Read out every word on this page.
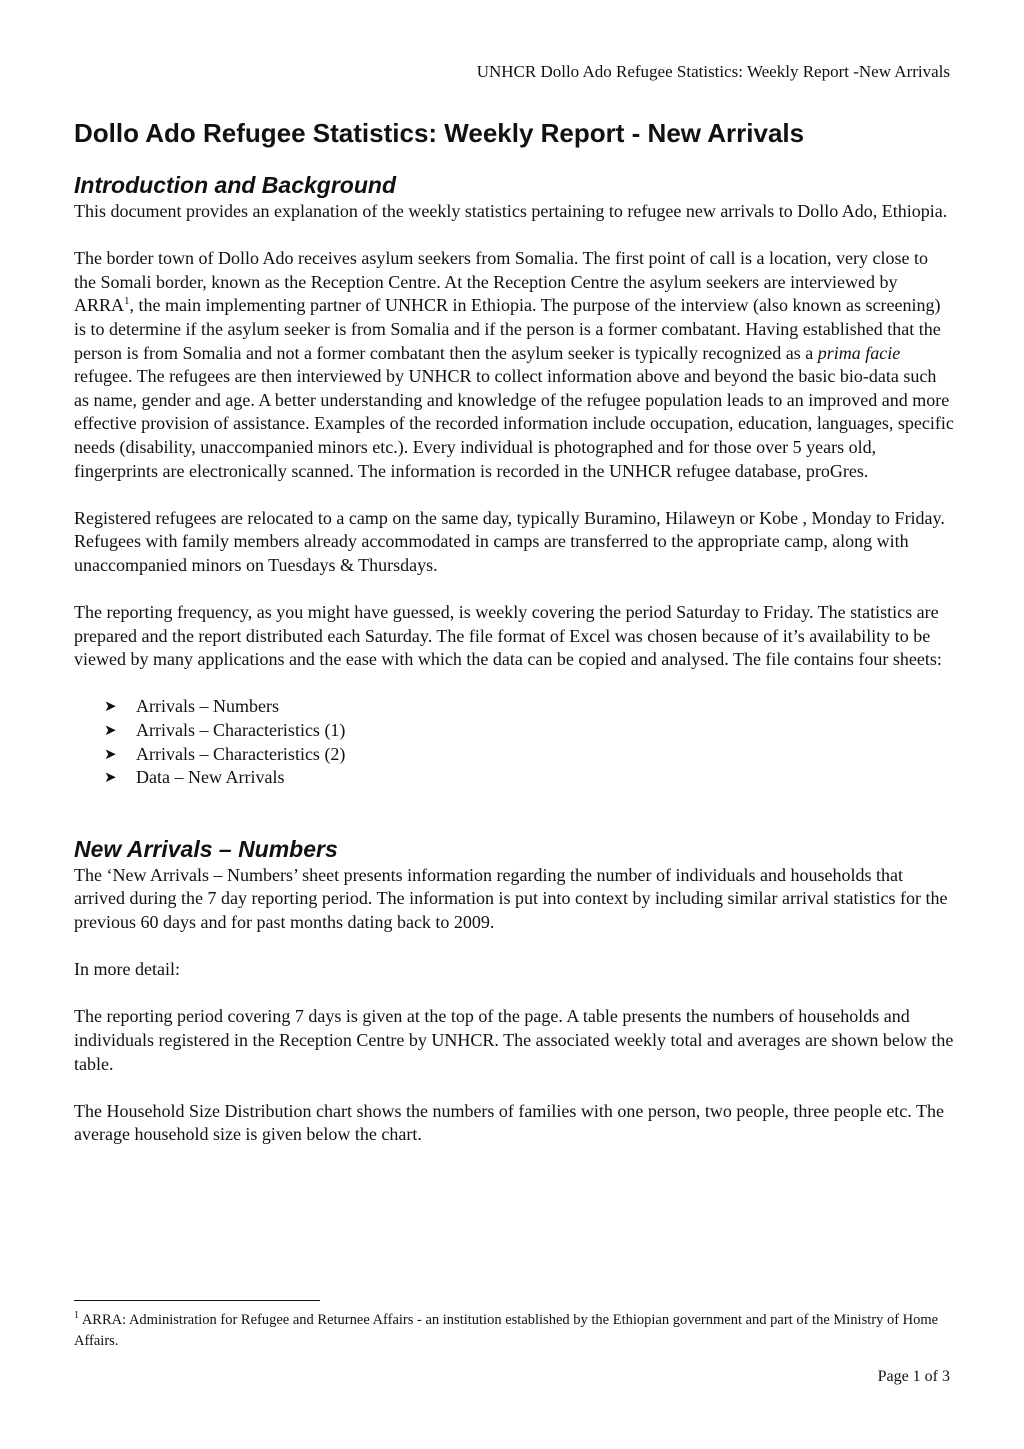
UNHCR Dollo Ado Refugee Statistics: Weekly Report -New Arrivals
Dollo Ado Refugee Statistics: Weekly Report - New Arrivals
Introduction and Background

This document provides an explanation of the weekly statistics pertaining to refugee new arrivals to Dollo Ado, Ethiopia.

The border town of Dollo Ado receives asylum seekers from Somalia. The first point of call is a location, very close to the Somali border, known as the Reception Centre. At the Reception Centre the asylum seekers are interviewed by ARRA$^1$, the main implementing partner of UNHCR in Ethiopia. The purpose of the interview (also known as screening) is to determine if the asylum seeker is from Somalia and if the person is a former combatant. Having established that the person is from Somalia and not a former combatant then the asylum seeker is typically recognized as a prima facie refugee. The refugees are then interviewed by UNHCR to collect information above and beyond the basic bio-data such as name, gender and age. A better understanding and knowledge of the refugee population leads to an improved and more effective provision of assistance. Examples of the recorded information include occupation, education, languages, specific needs (disability, unaccompanied minors etc.). Every individual is photographed and for those over 5 years old, fingerprints are electronically scanned. The information is recorded in the UNHCR refugee database, proGres.

Registered refugees are relocated to a camp on the same day, typically Buramino, Hilaweyn or Kobe , Monday to Friday. Refugees with family members already accommodated in camps are transferred to the appropriate camp, along with unaccompanied minors on Tuesdays & Thursdays.

The reporting frequency, as you might have guessed, is weekly covering the period Saturday to Friday. The statistics are prepared and the report distributed each Saturday. The file format of Excel was chosen because of it’s availability to be viewed by many applications and the ease with which the data can be copied and analysed. The file contains four sheets:

➤	Arrivals – Numbers
➤	Arrivals – Characteristics (1)
➤	Arrivals – Characteristics (2)
➤	Data – New Arrivals
New Arrivals – Numbers

The ‘New Arrivals – Numbers’ sheet presents information regarding the number of individuals and households that arrived during the 7 day reporting period. The information is put into context by including similar arrival statistics for the previous 60 days and for past months dating back to 2009.

In more detail:

The reporting period covering 7 days is given at the top of the page. A table presents the numbers of households and individuals registered in the Reception Centre by UNHCR. The associated weekly total and averages are shown below the table.

The Household Size Distribution chart shows the numbers of families with one person, two people, three people etc. The average household size is given below the chart.

$^1$ ARRA: Administration for Refugee and Returnee Affairs - an institution established by the Ethiopian government and part of the Ministry of Home Affairs.
Page 1 of 3
